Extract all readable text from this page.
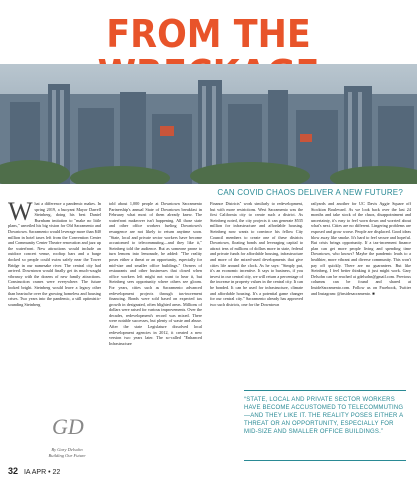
FROM THE
CAN COVID CHAOS DELIVER A NEW FUTURE?
W hat a difference a pandemic makes. In spring 2019, a buoyant Mayor Darrell Steinberg, doing his best Daniel Burnham imitation to "make no little plans," unveiled his big vision for Old Sacramento and Downtown. Sacramento would leverage more than $40 million in hotel taxes left from the Convention Center and Community Center Theatre renovation and jazz up the waterfront. New attractions would include an outdoor concert venue, rooftop bars and a barge docked so people could swim safely near the Tower Bridge in our namesake river. The central city had arrived. Downtown would finally get its much-sought vibrancy with the dozens of new family attractions. Construction cranes were everywhere. The future looked bright. Steinberg would leave a legacy other than heartache over the growing homeless and housing crises. Two years into the pandemic, a still optimistic-sounding Steinberg

told about 1,000 people at Downtown Sacramento Partnership's annual State of Downtown breakfast in February what most of them already knew. The waterfront makeover isn't happening. All those state and other office workers fueling Downtown's resurgence are not likely to return anytime soon. "State, local and private sector workers have become accustomed to telecommuting—and they like it," Steinberg told the audience. But as someone prone to turn lemons into lemonade, he added: "The reality poses either a threat or an opportunity, especially for mid-size and smaller office buildings." Owners of restaurants and other businesses that closed when office workers left might not want to hear it, but Steinberg sees opportunity where others see gloom. For years, cities such as Sacramento advanced redevelopment projects through tax-increment financing. Bonds were sold based on expected tax growth in designated, often blighted areas. Millions of dollars were raised for various improvements. Over the decades, redevelopment's record was mixed. There were notable successes, but plenty of waste and abuse. After the state Legislature dissolved local redevelopment agencies in 2012, it created a new version two years later. The so-called "Enhanced Infrastructure

Finance Districts" work similarly to redevelopment, but with more restrictions. West Sacramento was the first California city to create such a district. As Steinberg noted, the city projects it can generate $535 million for infrastructure and affordable housing. Steinberg now wants to convince his fellow City Council members to create one of these districts Downtown, floating bonds and leveraging capital to attract tens of millions of dollars more in state, federal and private funds for affordable housing, infrastructure and more of the mixed-used developments that give cities life around the clock. As he says: "Simply put, it's an economic incentive. It says to business, if you invest in our central city, we will return a percentage of the increase in property values in the central city. It can be bonded. It can be used for infrastructure, climate and affordable housing. It's a potential game changer for our central city." Sacramento already has approved two such districts, one for the Downtown

railyards and another for UC Davis Aggie Square off Stockton Boulevard. As we look back over the last 24 months and take stock of the chaos, disappointment and uncertainty, it's easy to feel worn down and worried about what's next. Cities are no different. Lingering problems are exposed and grow worse. People are displaced. Good ideas blow away like smoke. It's hard to feel secure and hopeful. But crisis brings opportunity. If a tax-increment finance plan can get more people living and spending time Downtown, who knows? Maybe the pandemic leads to a healthier, more vibrant and diverse community. This won't pay off quickly. There are no guarantees. But like Steinberg, I feel better thinking it just might work. Gary Delsohn can be reached at gdelsohn@gmail.com. Previous columns can be found and shared at InsideSacramento.com. Follow us on Facebook, Twitter and Instagram: @insidesacramento. ■

“STATE, LOCAL AND PRIVATE SECTOR WORKERS HAVE BECOME ACCUSTOMED TO TELECOMMUTING—AND THEY LIKE IT. THE REALITY POSES EITHER A THREAT OR AN OPPORTUNITY, ESPECIALLY FOR MID-SIZE AND SMALLER OFFICE BUILDINGS.”
GD
By Gary Delsohn
Building Our Future
32 IA APR • 22
